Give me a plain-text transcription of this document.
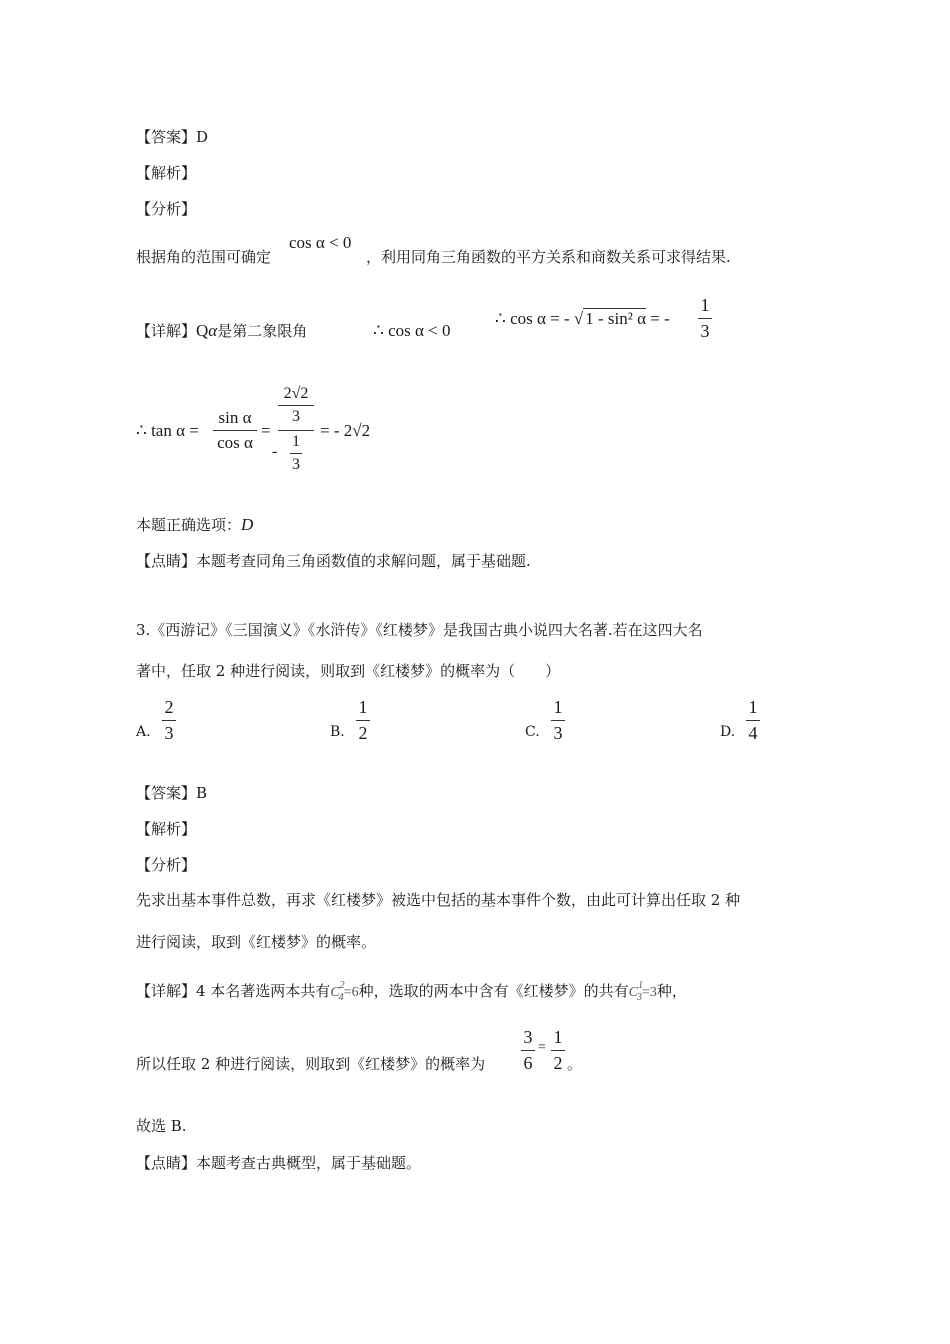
【答案】D
【解析】
【分析】
根据角的范围可确定
cos α < 0
，利用同角三角函数的平方关系和商数关系可求得结果.
【详解】Qα是第二象限角	∴ cos α < 0
∴ cos α = - √ 1 - sin² α = -
1
3
∴ tan α =
sin α
cos α
=
2√2
3
-
1
3
= - 2√2
本题正确选项：D
【点睛】本题考查同角三角函数值的求解问题，属于基础题.
3.《西游记》《三国演义》《水浒传》《红楼梦》是我国古典小说四大名著.若在这四大名
著中，任取 2 种进行阅读，则取到《红楼梦》的概率为（　　）
A.
2
3	B.
1
2	C.
1
3	D.
1
4
【答案】B
【解析】
【分析】
先求出基本事件总数，再求《红楼梦》被选中包括的基本事件个数，由此可计算出任取 2 种
进行阅读，取到《红楼梦》的概率。
【详解】4 本名著选两本共有$C^2_4=6$种，选取的两本中含有《红楼梦》的共有$C^1_3=3$种，
所以任取 2 种进行阅读，则取到《红楼梦》的概率为
3
6
=
1
2 。
故选 B.
【点睛】本题考查古典概型，属于基础题。
